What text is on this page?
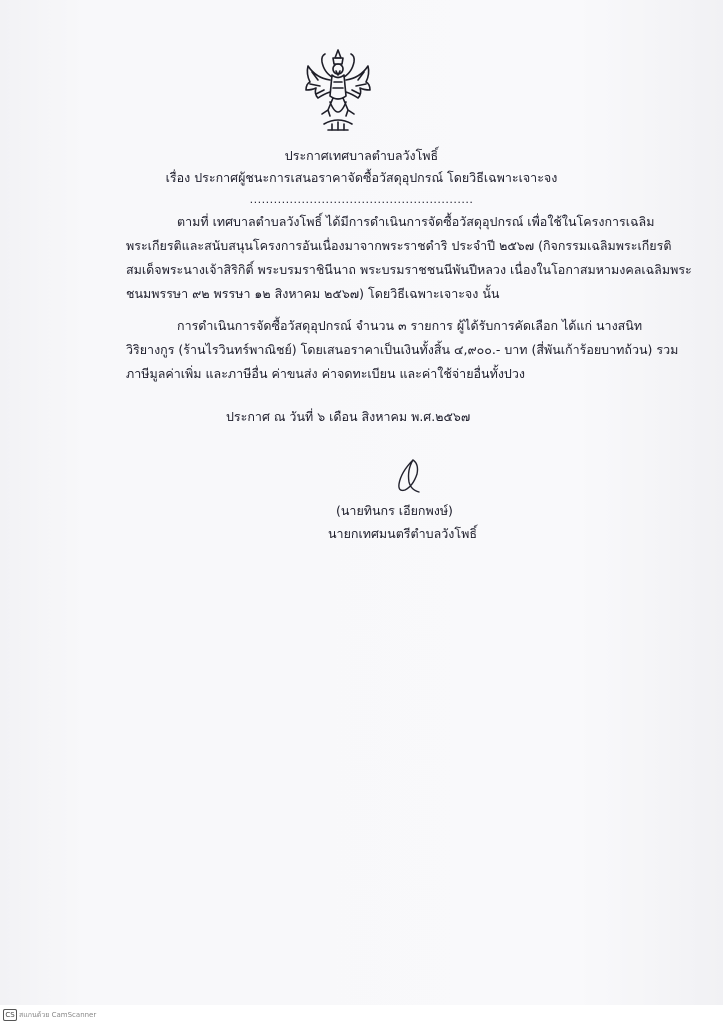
ประกาศเทศบาลตำบลวังโพธิ์
เรื่อง ประกาศผู้ชนะการเสนอราคาจัดซื้อวัสดุอุปกรณ์ โดยวิธีเฉพาะเจาะจง
........................................................
ตามที่ เทศบาลตำบลวังโพธิ์ ได้มีการดำเนินการจัดซื้อวัสดุอุปกรณ์ เพื่อใช้ในโครงการเฉลิม
พระเกียรติและสนับสนุนโครงการอันเนื่องมาจากพระราชดำริ ประจำปี ๒๕๖๗ (กิจกรรมเฉลิมพระเกียรติ
สมเด็จพระนางเจ้าสิริกิติ์ พระบรมราชินีนาถ พระบรมราชชนนีพันปีหลวง เนื่องในโอกาสมหามงคลเฉลิมพระ
ชนมพรรษา ๙๒ พรรษา ๑๒ สิงหาคม ๒๕๖๗) โดยวิธีเฉพาะเจาะจง นั้น
การดำเนินการจัดซื้อวัสดุอุปกรณ์ จำนวน ๓ รายการ ผู้ได้รับการคัดเลือก ได้แก่ นางสนิท
วิริยางกูร (ร้านไรวินทร์พาณิชย์) โดยเสนอราคาเป็นเงินทั้งสิ้น ๔,๙๐๐.- บาท (สี่พันเก้าร้อยบาทถ้วน) รวม
ภาษีมูลค่าเพิ่ม และภาษีอื่น ค่าขนส่ง ค่าจดทะเบียน และค่าใช้จ่ายอื่นทั้งปวง
ประกาศ ณ วันที่ ๖ เดือน สิงหาคม พ.ศ.๒๕๖๗
(นายทินกร เอียกพงษ์)
นายกเทศมนตรีตำบลวังโพธิ์
CS สแกนด้วย CamScanner
